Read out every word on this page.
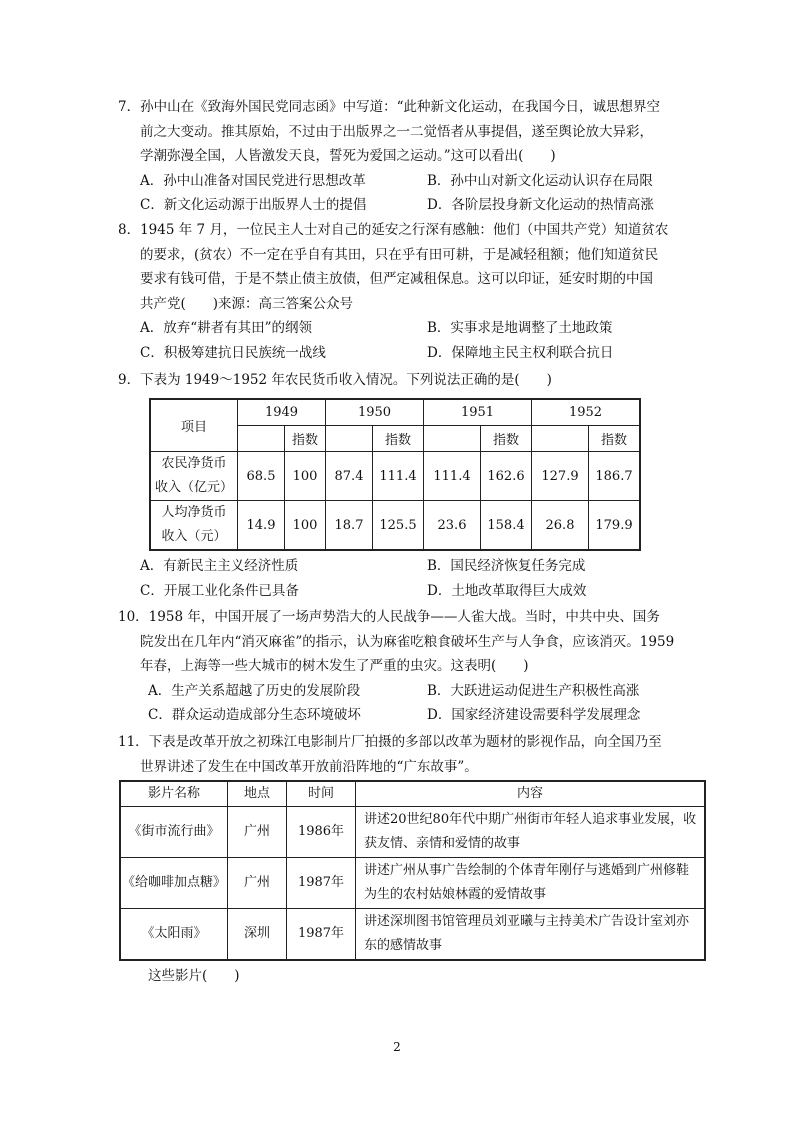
7．孙中山在《致海外国民党同志函》中写道：“此种新文化运动，在我国今日，诚思想界空
前之大变动。推其原始，不过由于出版界之一二觉悟者从事提倡，遂至舆论放大异彩，
学潮弥漫全国，人皆激发天良，誓死为爱国之运动。”这可以看出(　　)
A．孙中山准备对国民党进行思想改革	B．孙中山对新文化运动认识存在局限
C．新文化运动源于出版界人士的提倡	D．各阶层投身新文化运动的热情高涨
8．1945 年 7 月，一位民主人士对自己的延安之行深有感触：他们（中国共产党）知道贫农
的要求，(贫农）不一定在乎自有其田，只在乎有田可耕，于是减轻租额；他们知道贫民
要求有钱可借，于是不禁止债主放债，但严定减租保息。这可以印证，延安时期的中国
共产党(　　)来源：高三答案公众号
A．放弃“耕者有其田”的纲领	B．实事求是地调整了土地政策
C．积极筹建抗日民族统一战线	D．保障地主民主权利联合抗日
9．下表为 1949～1952 年农民货币收入情况。下列说法正确的是(　　)
项目	1949		1950		1951		1952	
		指数		指数		指数		指数
农民净货币
收入（亿元）	68.5	100	87.4	111.4	111.4	162.6	127.9	186.7
人均净货币
收入（元）	14.9	100	18.7	125.5	23.6	158.4	26.8	179.9
A．有新民主主义经济性质	B．国民经济恢复任务完成
C．开展工业化条件已具备	D．土地改革取得巨大成效
10．1958 年，中国开展了一场声势浩大的人民战争——人雀大战。当时，中共中央、国务
院发出在几年内“消灭麻雀”的指示，认为麻雀吃粮食破坏生产与人争食，应该消灭。1959
年春，上海等一些大城市的树木发生了严重的虫灾。这表明(　　)
A．生产关系超越了历史的发展阶段	B．大跃进运动促进生产积极性高涨
C．群众运动造成部分生态环境破坏	D．国家经济建设需要科学发展理念
11．下表是改革开放之初珠江电影制片厂拍摄的多部以改革为题材的影视作品，向全国乃至
世界讲述了发生在中国改革开放前沿阵地的“广东故事”。
影片名称	地点	时间	内容
《街市流行曲》	广州	1986年	讲述20世纪80年代中期广州街市年轻人追求事业发展，收获友情、亲情和爱情的故事
《给咖啡加点糖》	广州	1987年	讲述广州从事广告绘制的个体青年刚仔与逃婚到广州修鞋为生的农村姑娘林霞的爱情故事
《太阳雨》	深圳	1987年	讲述深圳图书馆管理员刘亚曦与主持美术广告设计室刘亦东的感情故事
这些影片(　　)
2
